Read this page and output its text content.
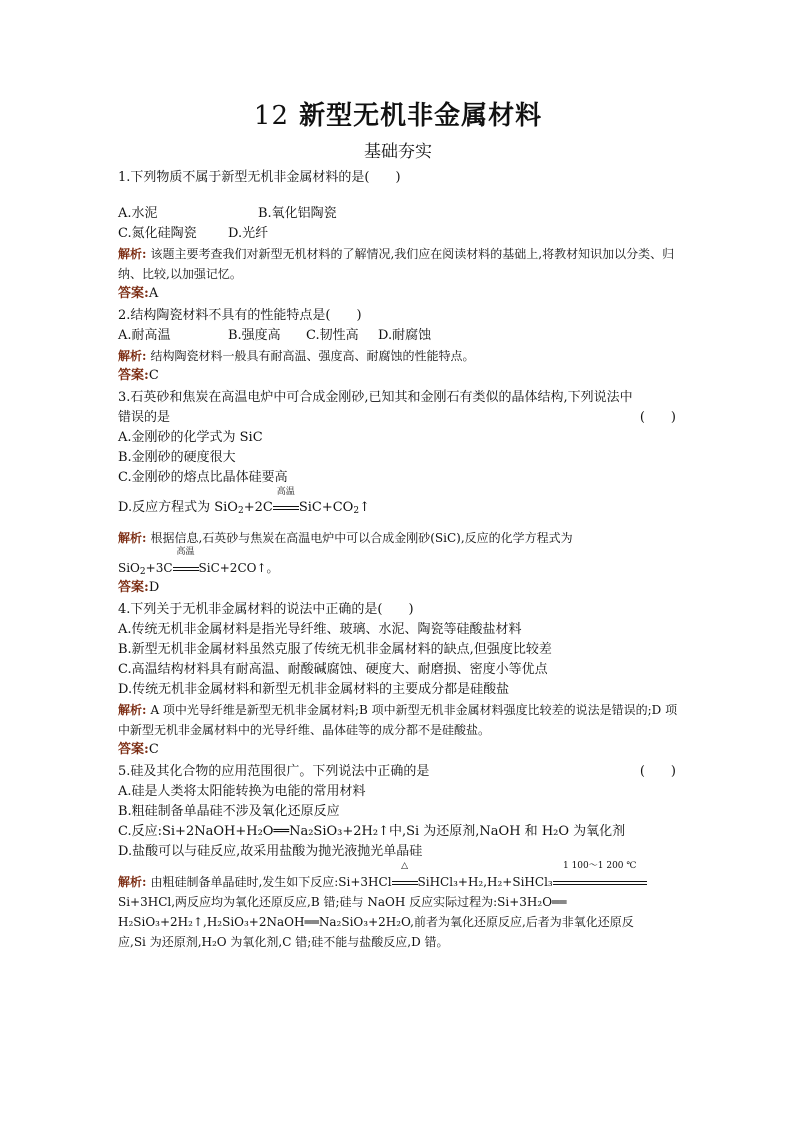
12 新型无机非金属材料
基础夯实
1.下列物质不属于新型无机非金属材料的是(　　)
A.水泥	B.氧化铝陶瓷
C.氮化硅陶瓷 D.光纤
解析: 该题主要考查我们对新型无机材料的了解情况,我们应在阅读材料的基础上,将教材知识加以分类、归纳、比较,以加强记忆。
答案:A
2.结构陶瓷材料不具有的性能特点是(　　)
A.耐高温	B.强度高 C.韧性高 D.耐腐蚀
解析: 结构陶瓷材料一般具有耐高温、强度高、耐腐蚀的性能特点。
答案:C
3.石英砂和焦炭在高温电炉中可合成金刚砂,已知其和金刚石有类似的晶体结构,下列说法中
错误的是	(　　)
A.金刚砂的化学式为 SiC
B.金刚砂的硬度很大
C.金刚砂的熔点比晶体硅要高
D.反应方程式为 SiO$_2$+2C
高温
$SiC+CO_2↑$
解析: 根据信息,石英砂与焦炭在高温电炉中可以合成金刚砂(SiC),反应的化学方程式为
SiO$_2$+3C
高温
SiC+2CO↑。
答案:D
4.下列关于无机非金属材料的说法中正确的是(　　)
A.传统无机非金属材料是指光导纤维、玻璃、水泥、陶瓷等硅酸盐材料
B.新型无机非金属材料虽然克服了传统无机非金属材料的缺点,但强度比较差
C.高温结构材料具有耐高温、耐酸碱腐蚀、硬度大、耐磨损、密度小等优点
D.传统无机非金属材料和新型无机非金属材料的主要成分都是硅酸盐
解析: A 项中光导纤维是新型无机非金属材料;B 项中新型无机非金属材料强度比较差的说法是错误的;D 项中新型无机非金属材料中的光导纤维、晶体硅等的成分都不是硅酸盐。
答案:C
5.硅及其化合物的应用范围很广。下列说法中正确的是	(　　)
A.硅是人类将太阳能转换为电能的常用材料
B.粗硅制备单晶硅不涉及氧化还原反应
C.反应:Si+2NaOH+H₂O══Na₂SiO₃+2H₂↑中,Si 为还原剂,NaOH 和 H₂O 为氧化剂
D.盐酸可以与硅反应,故采用盐酸为抛光液抛光单晶硅
解析: 由粗硅制备单晶硅时,发生如下反应:Si+3HCl
△
SiHCl₃+H₂,H₂+SiHCl₃
1 100～1 200 ℃
Si+3HCl,两反应均为氧化还原反应,B 错;硅与 NaOH 反应实际过程为:Si+3H₂O══
H₂SiO₃+2H₂↑,H₂SiO₃+2NaOH══Na₂SiO₃+2H₂O,前者为氧化还原反应,后者为非氧化还原反
应,Si 为还原剂,H₂O 为氧化剂,C 错;硅不能与盐酸反应,D 错。
